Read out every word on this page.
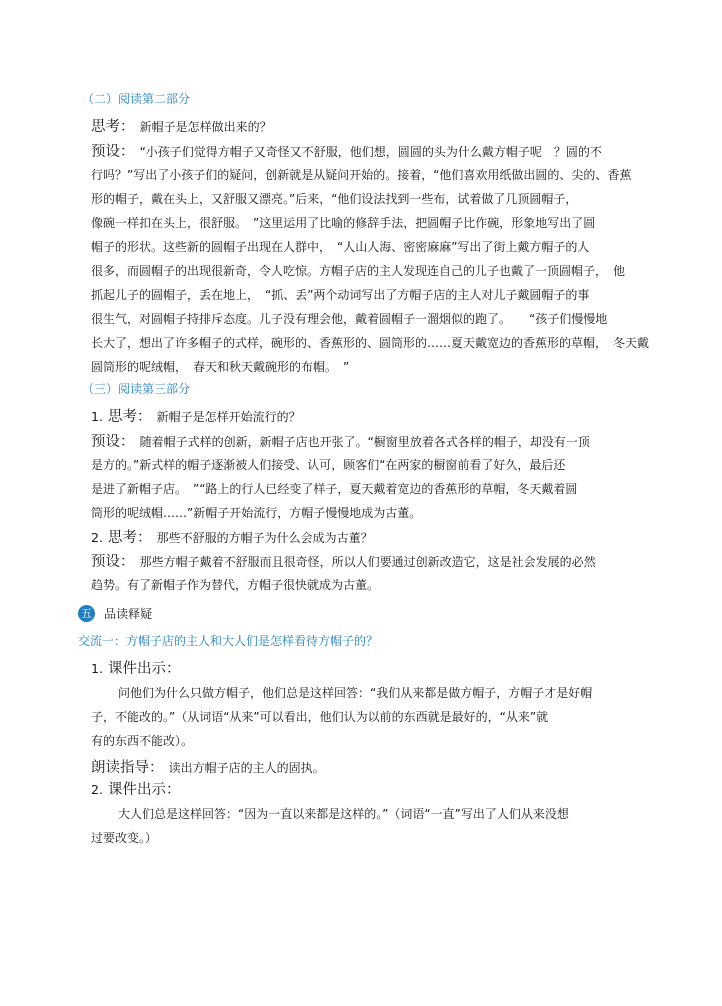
（二）阅读第二部分
思考： 新帽子是怎样做出来的？
预设： “小孩子们觉得方帽子又奇怪又不舒服，他们想，圆圆的头为什么戴方帽子呢　？圆的不
行吗？”写出了小孩子们的疑问，创新就是从疑问开始的。接着，“他们喜欢用纸做出圆的、尖的、香蕉
形的帽子，戴在头上，又舒服又漂亮。”后来，“他们设法找到一些布，试着做了几顶圆帽子，
像碗一样扣在头上，很舒服。　”这里运用了比喻的修辞手法，把圆帽子比作碗，形象地写出了圆
帽子的形状。这些新的圆帽子出现在人群中，　“人山人海、密密麻麻”写出了街上戴方帽子的人
很多，而圆帽子的出现很新奇，令人吃惊。方帽子店的主人发现连自己的儿子也戴了一顶圆帽子，　他
抓起儿子的圆帽子，丢在地上，　“抓、丢”两个动词写出了方帽子店的主人对儿子戴圆帽子的事
很生气，对圆帽子持排斥态度。儿子没有理会他，戴着圆帽子一溜烟似的跑了。　　“孩子们慢慢地
长大了，想出了许多帽子的式样，碗形的、香蕉形的、圆筒形的……夏天戴宽边的香蕉形的草帽，　冬天戴
圆筒形的呢绒帽，　春天和秋天戴碗形的布帽。　”
（三）阅读第三部分
1. 思考： 新帽子是怎样开始流行的？
预设： 随着帽子式样的创新，新帽子店也开张了。“橱窗里放着各式各样的帽子，却没有一顶
是方的。”新式样的帽子逐渐被人们接受、认可，顾客们“在两家的橱窗前看了好久，最后还
是进了新帽子店。　”“路上的行人已经变了样子，夏天戴着宽边的香蕉形的草帽，冬天戴着圆
筒形的呢绒帽……”新帽子开始流行，方帽子慢慢地成为古董。
2. 思考： 那些不舒服的方帽子为什么会成为古董？
预设： 那些方帽子戴着不舒服而且很奇怪，所以人们要通过创新改造它，这是社会发展的必然
趋势。有了新帽子作为替代，方帽子很快就成为古董。
五 品读释疑
交流一：方帽子店的主人和大人们是怎样看待方帽子的？
1. 课件出示：
问他们为什么只做方帽子，他们总是这样回答：“我们从来都是做方帽子，方帽子才是好帽
子，不能改的。”（从词语“从来”可以看出，他们认为以前的东西就是最好的，“从来”就
有的东西不能改）。
朗读指导： 读出方帽子店的主人的固执。
2. 课件出示：
大人们总是这样回答：“因为一直以来都是这样的。”（词语“一直”写出了人们从来没想
过要改变。）
